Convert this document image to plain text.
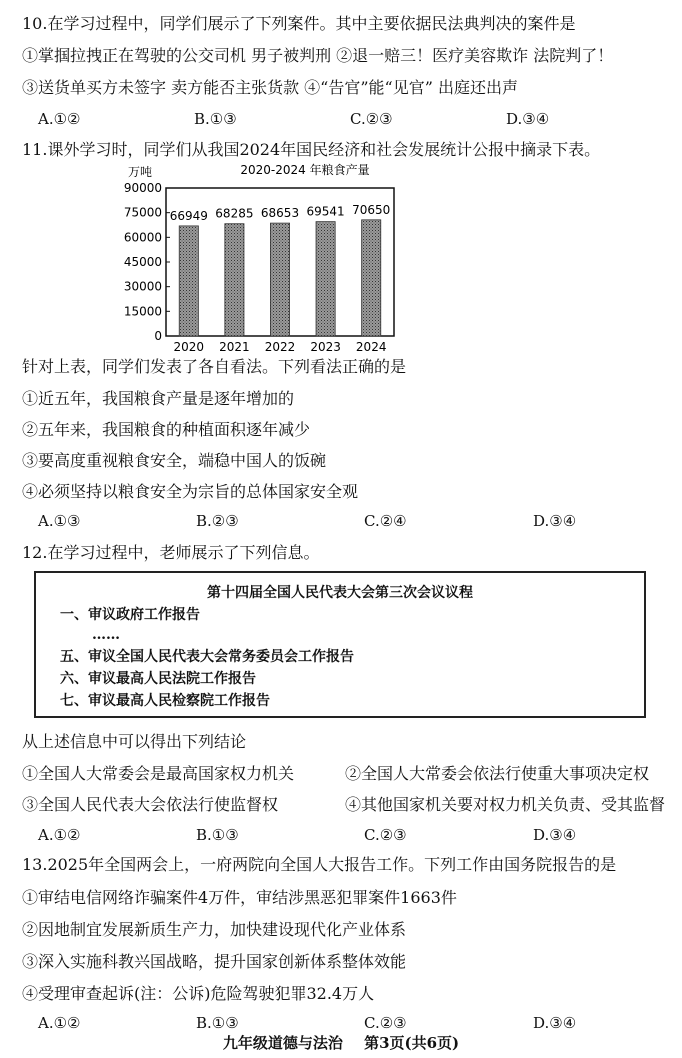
10.在学习过程中，同学们展示了下列案件。其中主要依据民法典判决的案件是
①掌掴拉拽正在驾驶的公交司机 男子被判刑 ②退一赔三！医疗美容欺诈 法院判了！
③送货单买方未签字 卖方能否主张货款 ④“告官”能“见官” 出庭还出声
A.①②	B.①③	C.②③	D.③④
11.课外学习时，同学们从我国2024年国民经济和社会发展统计公报中摘录下表。
2020-2024 年粮食产量
万吨
0
15000
30000
45000
60000
75000
90000
66949
2020
68285
2021
68653
2022
69541
2023
70650
2024
针对上表，同学们发表了各自看法。下列看法正确的是
①近五年，我国粮食产量是逐年增加的
②五年来，我国粮食的种植面积逐年减少
③要高度重视粮食安全，端稳中国人的饭碗
④必须坚持以粮食安全为宗旨的总体国家安全观
A.①③	B.②③	C.②④	D.③④
12.在学习过程中，老师展示了下列信息。
第十四届全国人民代表大会第三次会议议程
一、审议政府工作报告
……
五、审议全国人民代表大会常务委员会工作报告
六、审议最高人民法院工作报告
七、审议最高人民检察院工作报告
从上述信息中可以得出下列结论
①全国人大常委会是最高国家权力机关	②全国人大常委会依法行使重大事项决定权
③全国人民代表大会依法行使监督权	④其他国家机关要对权力机关负责、受其监督
A.①②	B.①③	C.②③	D.③④
13.2025年全国两会上，一府两院向全国人大报告工作。下列工作由国务院报告的是
①审结电信网络诈骗案件4万件，审结涉黑恶犯罪案件1663件
②因地制宜发展新质生产力，加快建设现代化产业体系
③深入实施科教兴国战略，提升国家创新体系整体效能
④受理审查起诉(注：公诉)危险驾驶犯罪32.4万人
A.①②	B.①③	C.②③	D.③④
九年级道德与法治 第3页(共6页)
